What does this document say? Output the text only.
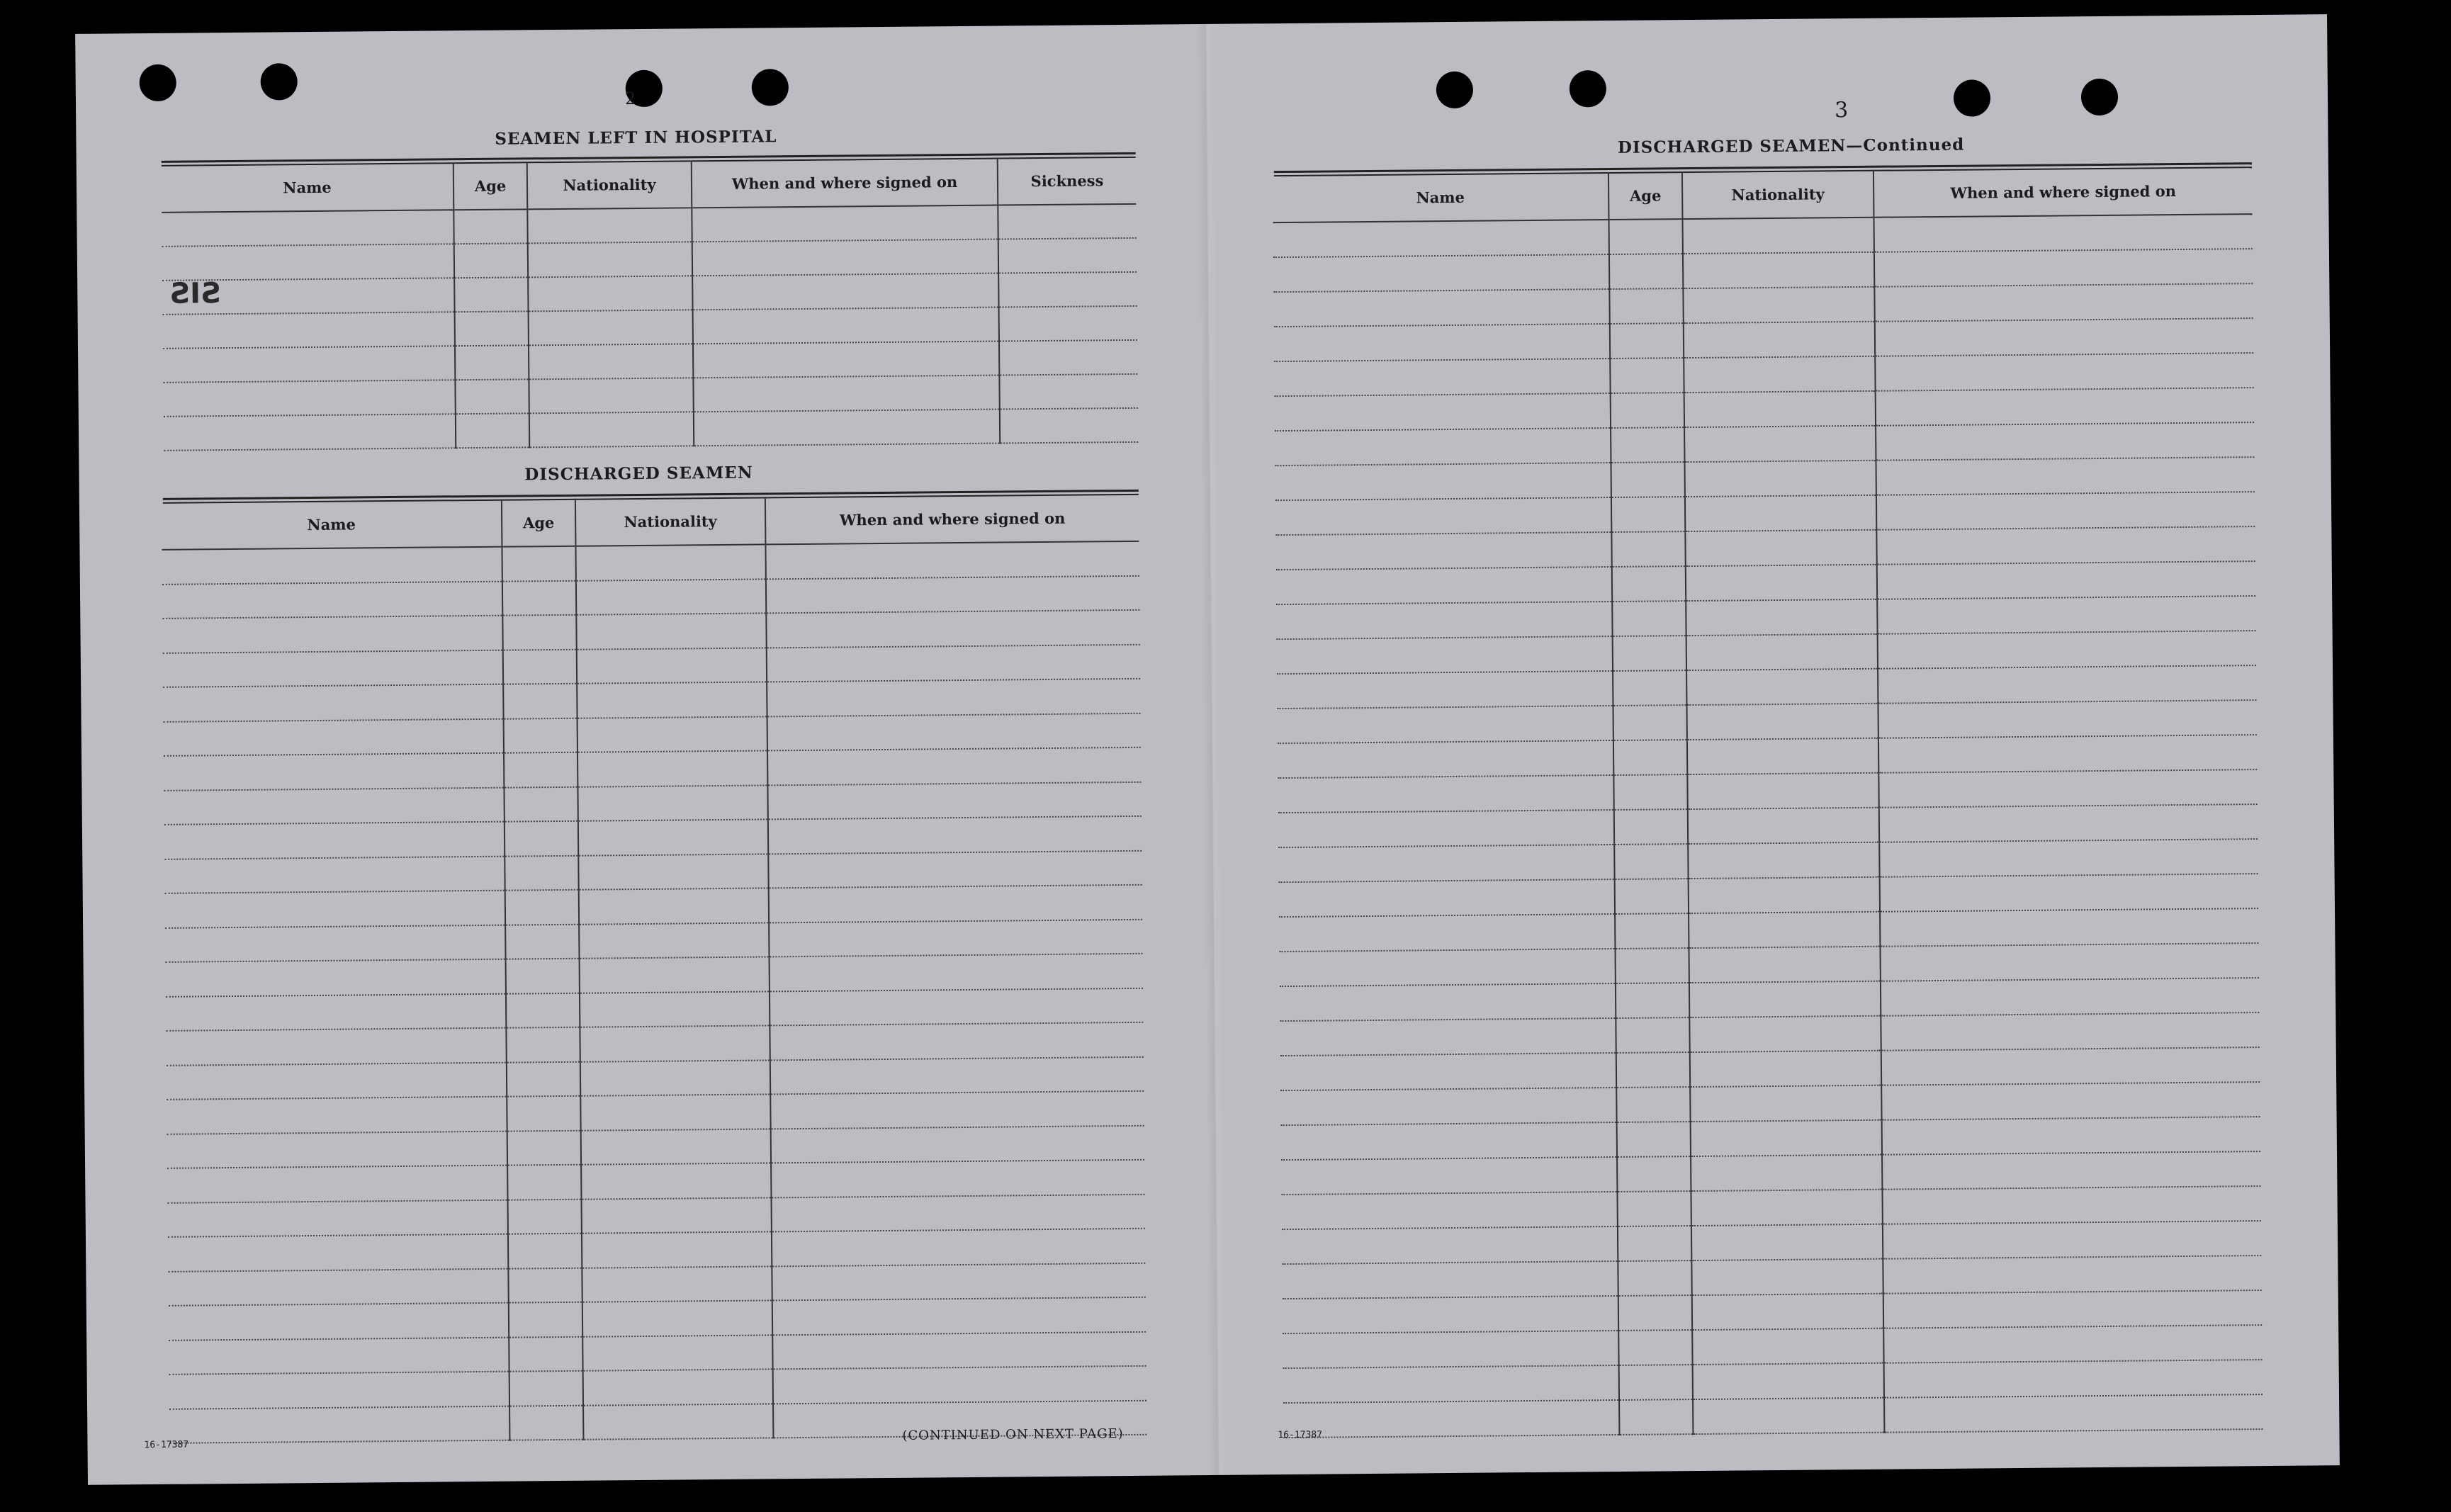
2
SEAMEN LEFT IN HOSPITAL
Name	Age	Nationality	When and where signed on	Sickness

SIS
DISCHARGED SEAMEN
Name	Age	Nationality	When and where signed on

16-17387
(CONTINUED ON NEXT PAGE)
3
DISCHARGED SEAMEN—Continued
Name	Age	Nationality	When and where signed on

16-17387
